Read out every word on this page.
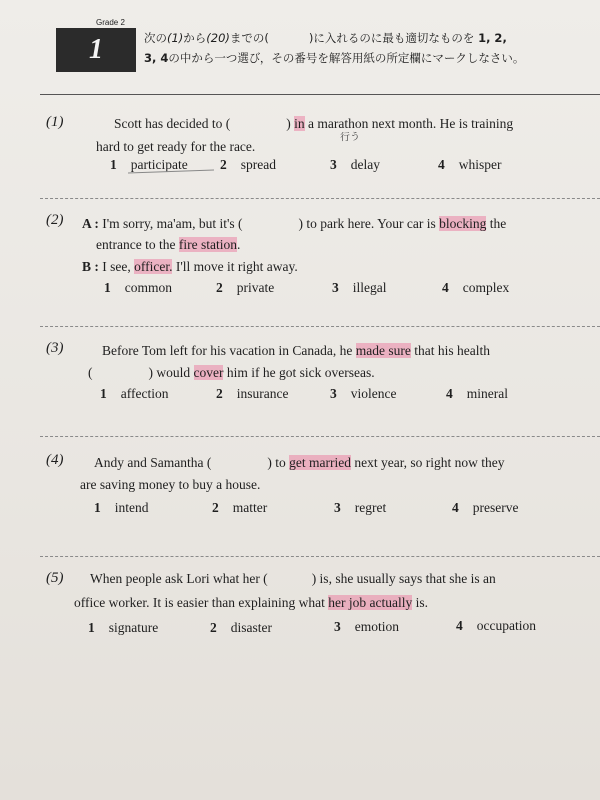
Grade 2
1	次の(1)から(20)までの(	)に入れるのに最も適切なものを 1, 2,
3, 4の中から一つ選び，その番号を解答用紙の所定欄にマークしなさい。
(1)	Scott has decided to (	) in a marathon next month. He is training
hard to get ready for the race.
行う
1 participate 2 spread	3 delay	4 whisper
(2) A : I'm sorry, ma'am, but it's (	) to park here. Your car is blocking the
entrance to the fire station.
B : I see, officer. I'll move it right away.
1 common	2 private	3 illegal	4 complex
(3)	Before Tom left for his vacation in Canada, he made sure that his health
(	) would cover him if he got sick overseas.
1 affection	2 insurance	3 violence	4 mineral
(4) Andy and Samantha (	) to get married next year, so right now they
are saving money to buy a house.
1 intend	2 matter	3 regret	4 preserve
(5) When people ask Lori what her (	) is, she usually says that she is an
office worker. It is easier than explaining what her job actually is.
1 signature	2 disaster	3 emotion	4 occupation
